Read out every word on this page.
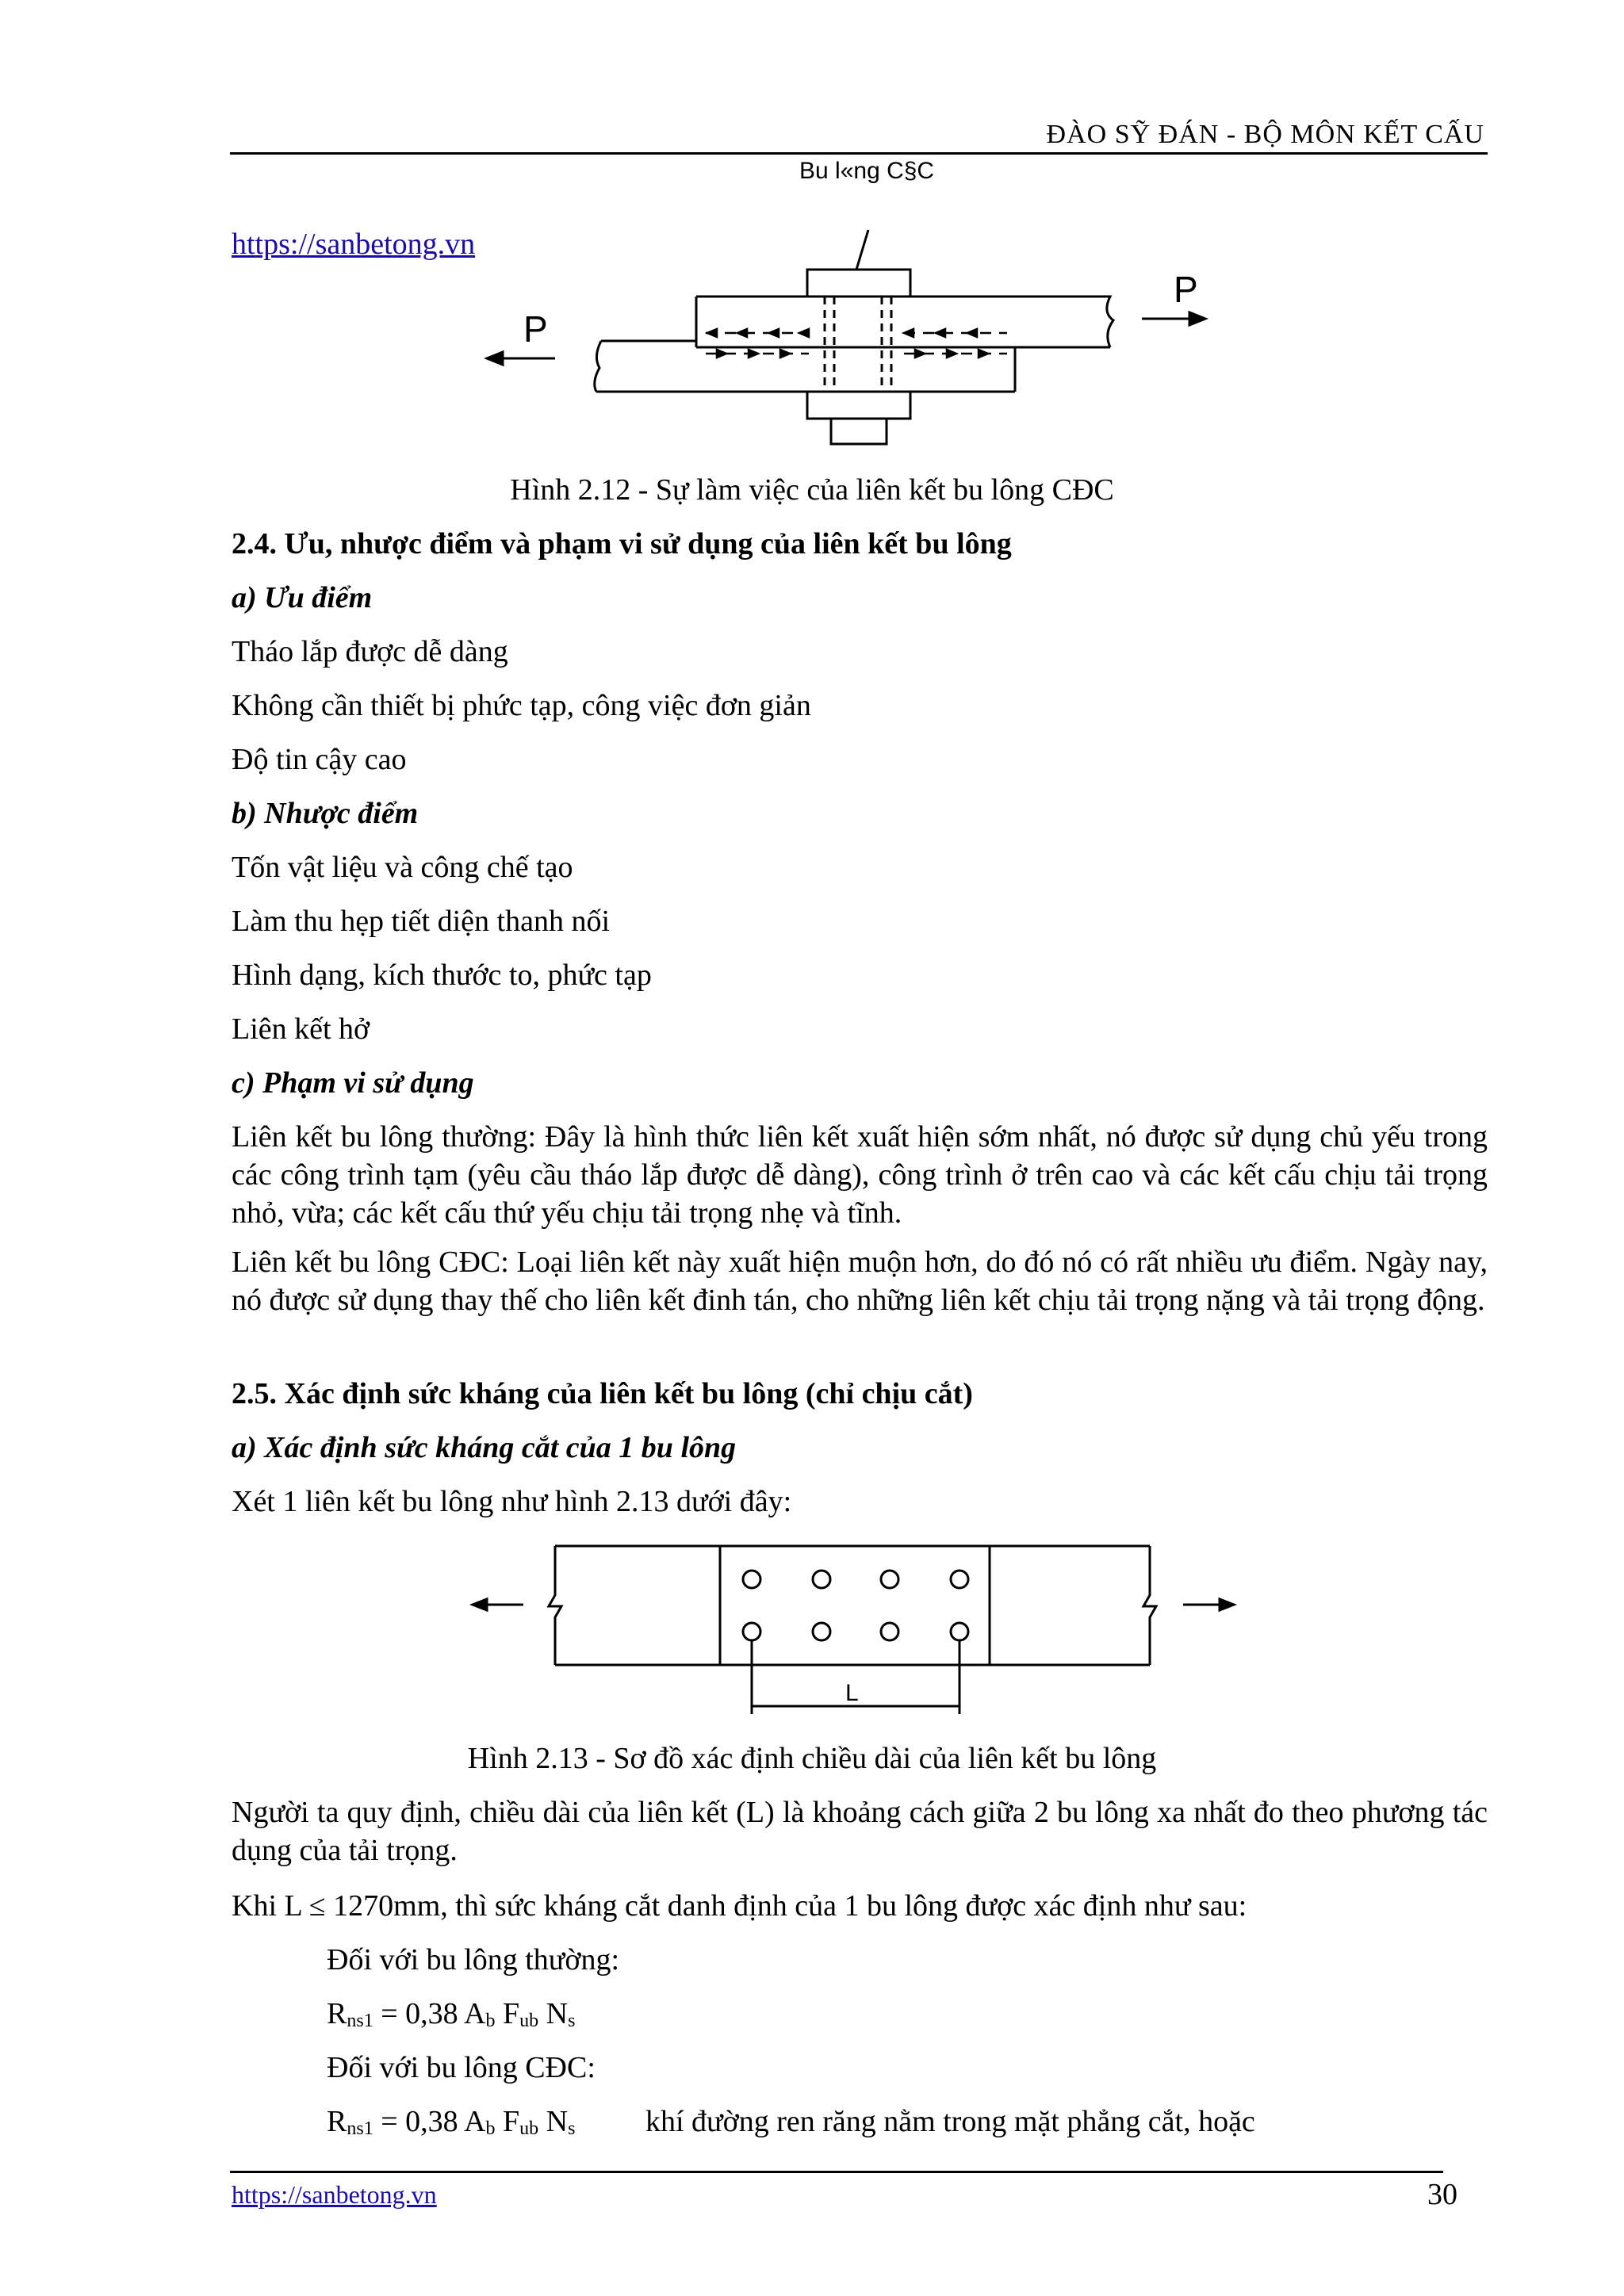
ĐÀO SỸ ĐÁN - BỘ MÔN KẾT CẤU
https://sanbetong.vn
Bu l«ng C§C
P
P
Hình 2.12 - Sự làm việc của liên kết bu lông CĐC
2.4. Ưu, nhược điểm và phạm vi sử dụng của liên kết bu lông
a) Ưu điểm
Tháo lắp được dễ dàng
Không cần thiết bị phức tạp, công việc đơn giản
Độ tin cậy cao
b) Nhược điểm
Tốn vật liệu và công chế tạo
Làm thu hẹp tiết diện thanh nối
Hình dạng, kích thước to, phức tạp
Liên kết hở
c) Phạm vi sử dụng
Liên kết bu lông thường: Đây là hình thức liên kết xuất hiện sớm nhất, nó được sử dụng chủ yếu trong các công trình tạm (yêu cầu tháo lắp được dễ dàng), công trình ở trên cao và các kết cấu chịu tải trọng nhỏ, vừa; các kết cấu thứ yếu chịu tải trọng nhẹ và tĩnh.
Liên kết bu lông CĐC: Loại liên kết này xuất hiện muộn hơn, do đó nó có rất nhiều ưu điểm. Ngày nay, nó được sử dụng thay thế cho liên kết đinh tán, cho những liên kết chịu tải trọng nặng và tải trọng động.
2.5. Xác định sức kháng của liên kết bu lông (chỉ chịu cắt)
a) Xác định sức kháng cắt của 1 bu lông
Xét 1 liên kết bu lông như hình 2.13 dưới đây:
L
Hình 2.13 - Sơ đồ xác định chiều dài của liên kết bu lông
Người ta quy định, chiều dài của liên kết (L) là khoảng cách giữa 2 bu lông xa nhất đo theo phương tác dụng của tải trọng.
Khi L ≤ 1270mm, thì sức kháng cắt danh định của 1 bu lông được xác định như sau:
Đối với bu lông thường:
$R_{ns1} = 0,38$ $A_b$ $F_{ub}$ $N_s$
Đối với bu lông CĐC:
$R_{ns1} = 0,38$ $A_b$ $F_{ub}$ $N_s$ khí đường ren răng nằm trong mặt phẳng cắt, hoặc
https://sanbetong.vn	30
